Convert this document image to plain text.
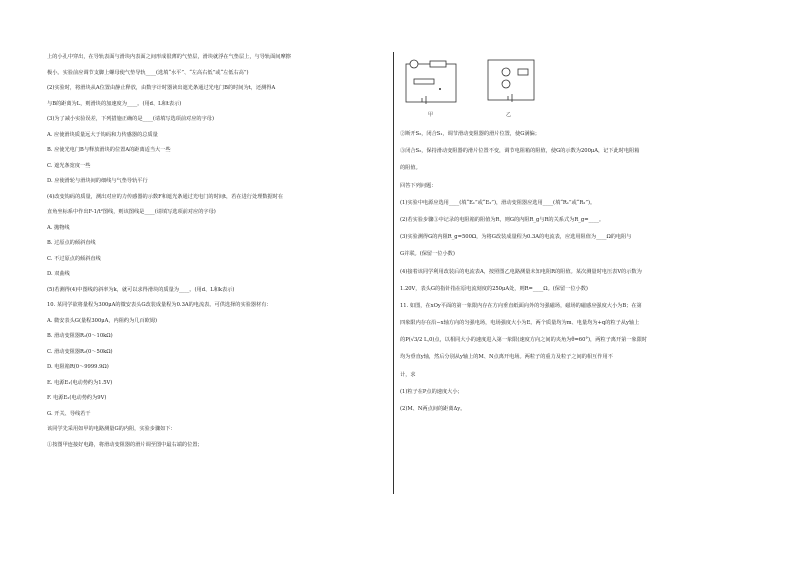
上的小孔中穿出，在导轨表面与滑块内表面之间形成很薄的气垫层，滑块就浮在气垫层上，与导轨面间摩擦
极小。实验前应调节支脚上螺母使气垫导轨____(选填“水平”、“左高右低”或“左低右高”)
(2)实验时，将滑块从A位置由静止释放，由数字计时器读出遮光条通过光电门B的时间为t，还测得A
与B的距离为L，则滑块的加速度为____。(用d、L和t表示)
(3)为了减小实验误差，下列措施正确的是____(请填写选项前对应的字母)
A. 应使滑块质量远大于钩码和力传感器的总质量
B. 应使光电门B与释放滑块的位置A的距离适当大一些
C. 遮光条宽度一些
D. 应使滑轮与滑块间的细线与气垫导轨平行
(4)改变钩码的质量，测出对应的力传感器的示数F和遮光条通过光电门的时间t，若在进行处理数据时在
直角坐标系中作出F-1/t²图线，则该图线是____(请填写选项前对应的字母)
A. 抛物线
B. 过原点的倾斜直线
C. 不过原点的倾斜直线
D. 双曲线
(5)若测得(4)中图线的斜率为k，就可以求得滑块的质量为____。(用d、L和k表示)
10. 某同学欲将量程为300μA的微安表头G改装成量程为0.3A的电流表。可供选择的实验器材有：
A. 微安表头G(量程300μA，内阻约为几百欧姆)
B. 滑动变阻器R₁(0～10kΩ)
C. 滑动变阻器R₂(0～50kΩ)
D. 电阻箱R(0～9999.9Ω)
E. 电源E₁(电动势约为1.5V)
F. 电源E₂(电动势约为9V)
G. 开关、导线若干
该同学先采用如甲的电路测量G的内阻，实验步骤如下：
①按图甲连接好电路，将滑动变阻器的滑片调至图中最右端的位置；
甲	乙
②断开S₂，闭合S₁，调节滑动变阻器的滑片位置，使G满偏；
③闭合S₂，保持滑动变阻器的滑片位置不变，调节电阻箱的阻值，使G的示数为200μA，记下此时电阻箱
的阻值。
回答下列问题：
(1)实验中电源应选用____(填“E₁”或“E₂”)，滑动变阻器应选用____(填“R₁”或“R₂”)。
(2)若实验步骤③中记录的电阻箱的阻值为R，则G的内阻R_g与R的关系式为R_g=____。
(3)实验测得G的内阻R_g=500Ω，为将G改装成量程为0.3A的电流表，应选用阻值为____Ω的电阻与
G并联。(保留一位小数)
(4)接着该同学利用改装后的电流表A，按照图乙电路测量未知电阻R的阻值。某次测量时电压表V的示数为
1.20V，表头G的指针指在原电流刻度的250μA处，则R=____Ω。(保留一位小数)
11. 如图，在xOy平面的第一象限内存在方向垂直纸面向外的匀强磁场，磁场的磁感应强度大小为B；在第
四象限内存在沿−x轴方向的匀强电场，电场强度大小为E。两个质量均为m、电量均为+q的粒子从y轴上
的P(√3/2 L,0)点，以相同大小的速度进入第一象限(速度方向之间的夹角为θ=60°)，两粒子离开第一象限时
均为垂直y轴，然后分别从y轴上的M、N点离开电场。两粒子的重力及粒子之间的相互作用不
计，求
(1)粒子在P点的速度大小；
(2)M、N两点间的距离Δy。
